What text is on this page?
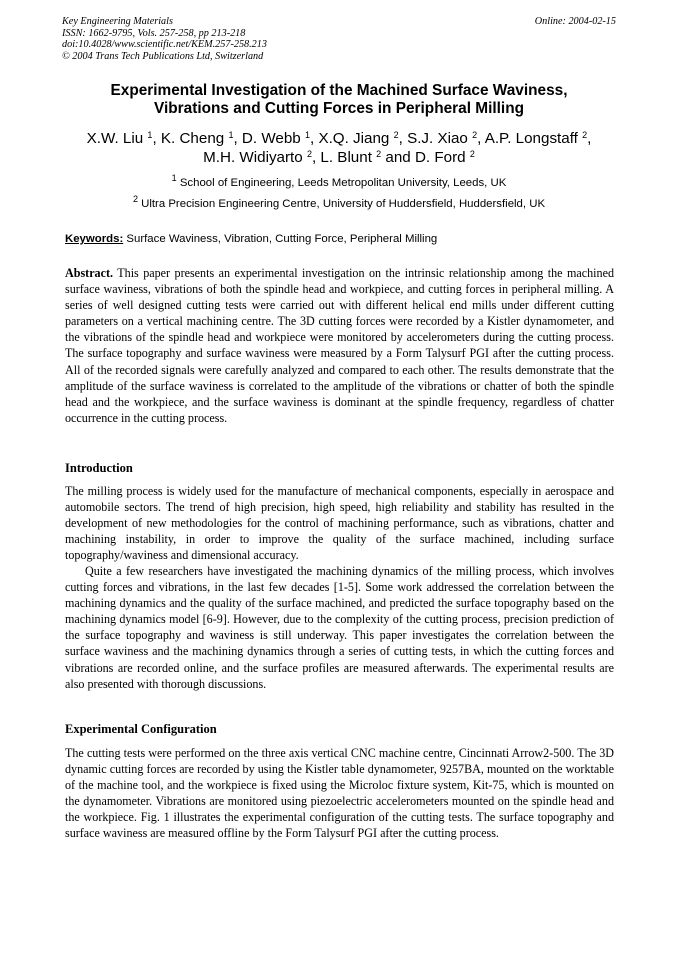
Key Engineering Materials
ISSN: 1662-9795, Vols. 257-258, pp 213-218
doi:10.4028/www.scientific.net/KEM.257-258.213
© 2004 Trans Tech Publications Ltd, Switzerland
Online: 2004-02-15
Experimental Investigation of the Machined Surface Waviness,
Vibrations and Cutting Forces in Peripheral Milling
X.W. Liu $^1$, K. Cheng $^1$, D. Webb $^1$, X.Q. Jiang $^2$, S.J. Xiao $^2$, A.P. Longstaff $^2$,
M.H. Widiyarto $^2$, L. Blunt $^2$ and D. Ford $^2$
$^1$ School of Engineering, Leeds Metropolitan University, Leeds, UK
$^2$ Ultra Precision Engineering Centre, University of Huddersfield, Huddersfield, UK
Keywords: Surface Waviness, Vibration, Cutting Force, Peripheral Milling

Abstract. This paper presents an experimental investigation on the intrinsic relationship among the machined surface waviness, vibrations of both the spindle head and workpiece, and cutting forces in peripheral milling. A series of well designed cutting tests were carried out with different helical end mills under different cutting parameters on a vertical machining centre. The 3D cutting forces were recorded by a Kistler dynamometer, and the vibrations of the spindle head and workpiece were monitored by accelerometers during the cutting process. The surface topography and surface waviness were measured by a Form Talysurf PGI after the cutting process. All of the recorded signals were carefully analyzed and compared to each other. The results demonstrate that the amplitude of the surface waviness is correlated to the amplitude of the vibrations or chatter of both the spindle head and the workpiece, and the surface waviness is dominant at the spindle frequency, regardless of chatter occurrence in the cutting process.

Introduction

The milling process is widely used for the manufacture of mechanical components, especially in aerospace and automobile sectors. The trend of high precision, high speed, high reliability and stability has resulted in the development of new methodologies for the control of machining performance, such as vibrations, chatter and machining instability, in order to improve the quality of the surface machined, including surface topography/waviness and dimensional accuracy.

Quite a few researchers have investigated the machining dynamics of the milling process, which involves cutting forces and vibrations, in the last few decades [1-5]. Some work addressed the correlation between the machining dynamics and the quality of the surface machined, and predicted the surface topography based on the machining dynamics model [6-9]. However, due to the complexity of the cutting process, precision prediction of the surface topography and waviness is still underway. This paper investigates the correlation between the surface waviness and the machining dynamics through a series of cutting tests, in which the cutting forces and vibrations are recorded online, and the surface profiles are measured afterwards. The experimental results are also presented with thorough discussions.

Experimental Configuration

The cutting tests were performed on the three axis vertical CNC machine centre, Cincinnati Arrow2-500. The 3D dynamic cutting forces are recorded by using the Kistler table dynamometer, 9257BA, mounted on the worktable of the machine tool, and the workpiece is fixed using the Microloc fixture system, Kit-75, which is mounted on the dynamometer. Vibrations are monitored using piezoelectric accelerometers mounted on the spindle head and the workpiece. Fig. 1 illustrates the experimental configuration of the cutting tests. The surface topography and surface waviness are measured offline by the Form Talysurf PGI after the cutting process.
